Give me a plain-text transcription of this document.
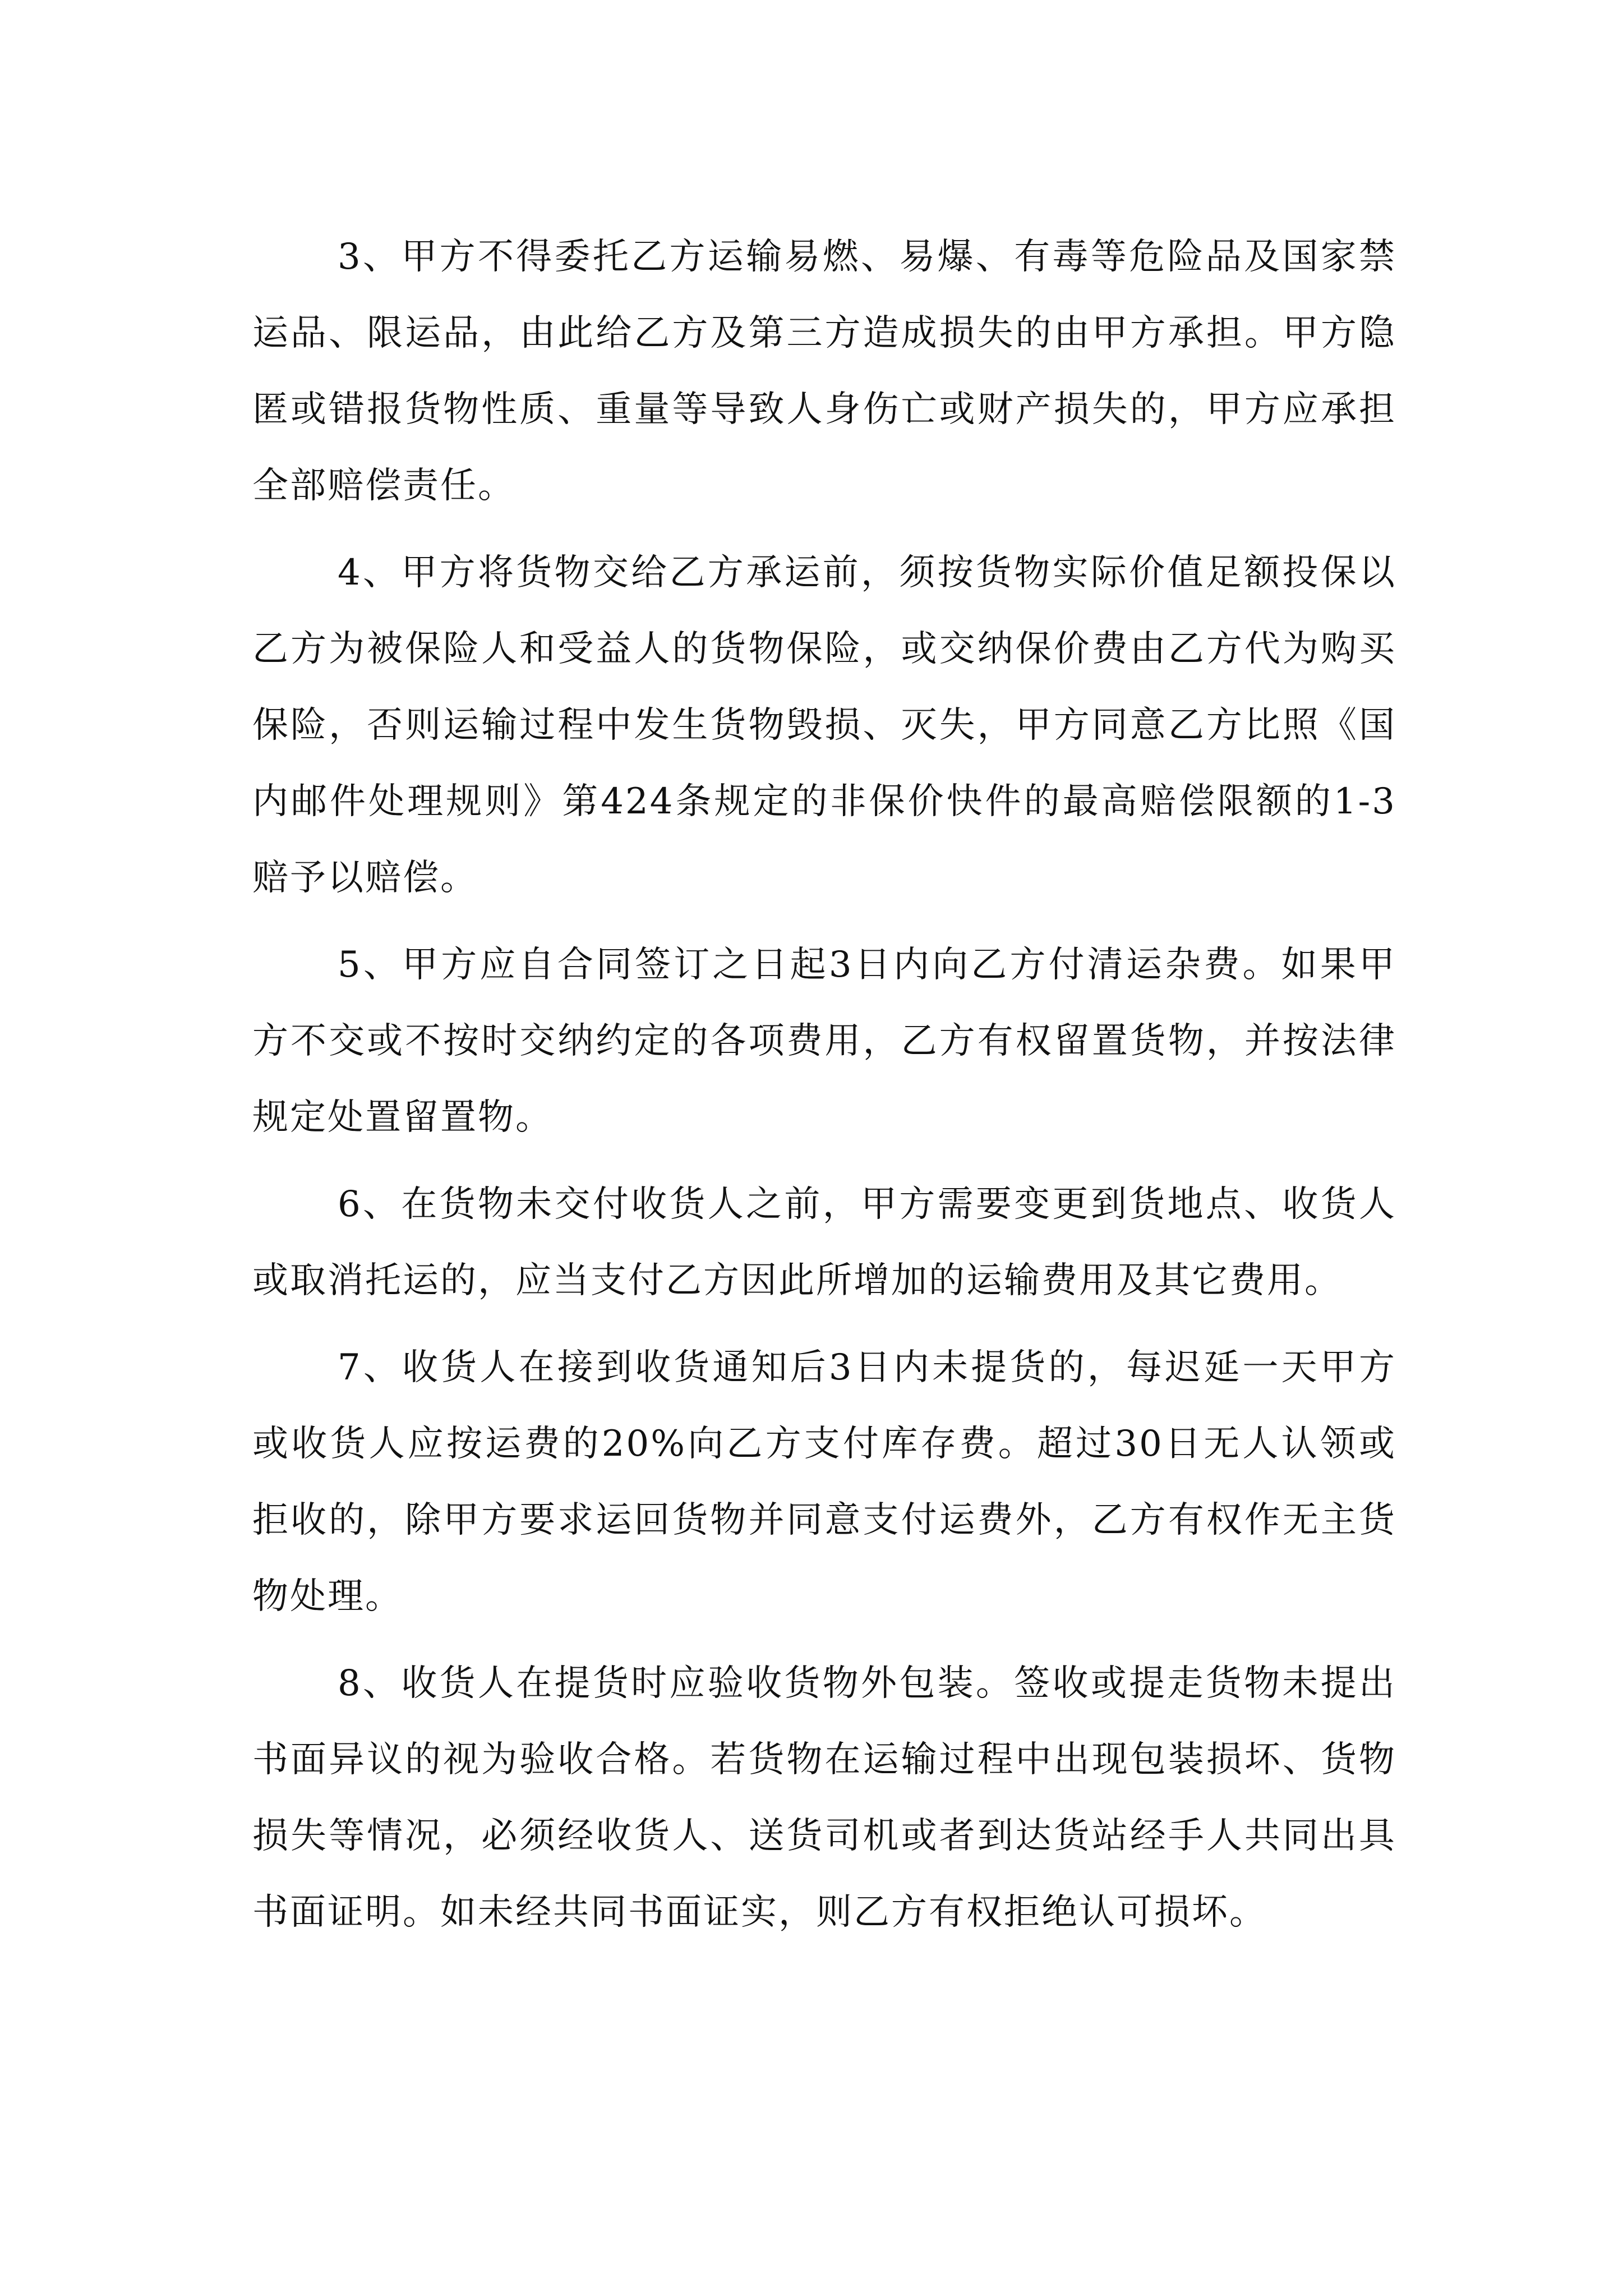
3、甲方不得委托乙方运输易燃、易爆、有毒等危险品及国家禁运品、限运品，由此给乙方及第三方造成损失的由甲方承担。甲方隐匿或错报货物性质、重量等导致人身伤亡或财产损失的，甲方应承担全部赔偿责任。

4、甲方将货物交给乙方承运前，须按货物实际价值足额投保以乙方为被保险人和受益人的货物保险，或交纳保价费由乙方代为购买保险，否则运输过程中发生货物毁损、灭失，甲方同意乙方比照《国内邮件处理规则》第424条规定的非保价快件的最高赔偿限额的1-3赔予以赔偿。

5、甲方应自合同签订之日起3日内向乙方付清运杂费。如果甲方不交或不按时交纳约定的各项费用，乙方有权留置货物，并按法律规定处置留置物。

6、在货物未交付收货人之前，甲方需要变更到货地点、收货人或取消托运的，应当支付乙方因此所增加的运输费用及其它费用。

7、收货人在接到收货通知后3日内未提货的，每迟延一天甲方或收货人应按运费的20%向乙方支付库存费。超过30日无人认领或拒收的，除甲方要求运回货物并同意支付运费外，乙方有权作无主货物处理。

8、收货人在提货时应验收货物外包装。签收或提走货物未提出书面异议的视为验收合格。若货物在运输过程中出现包装损坏、货物损失等情况，必须经收货人、送货司机或者到达货站经手人共同出具书面证明。如未经共同书面证实，则乙方有权拒绝认可损坏。
